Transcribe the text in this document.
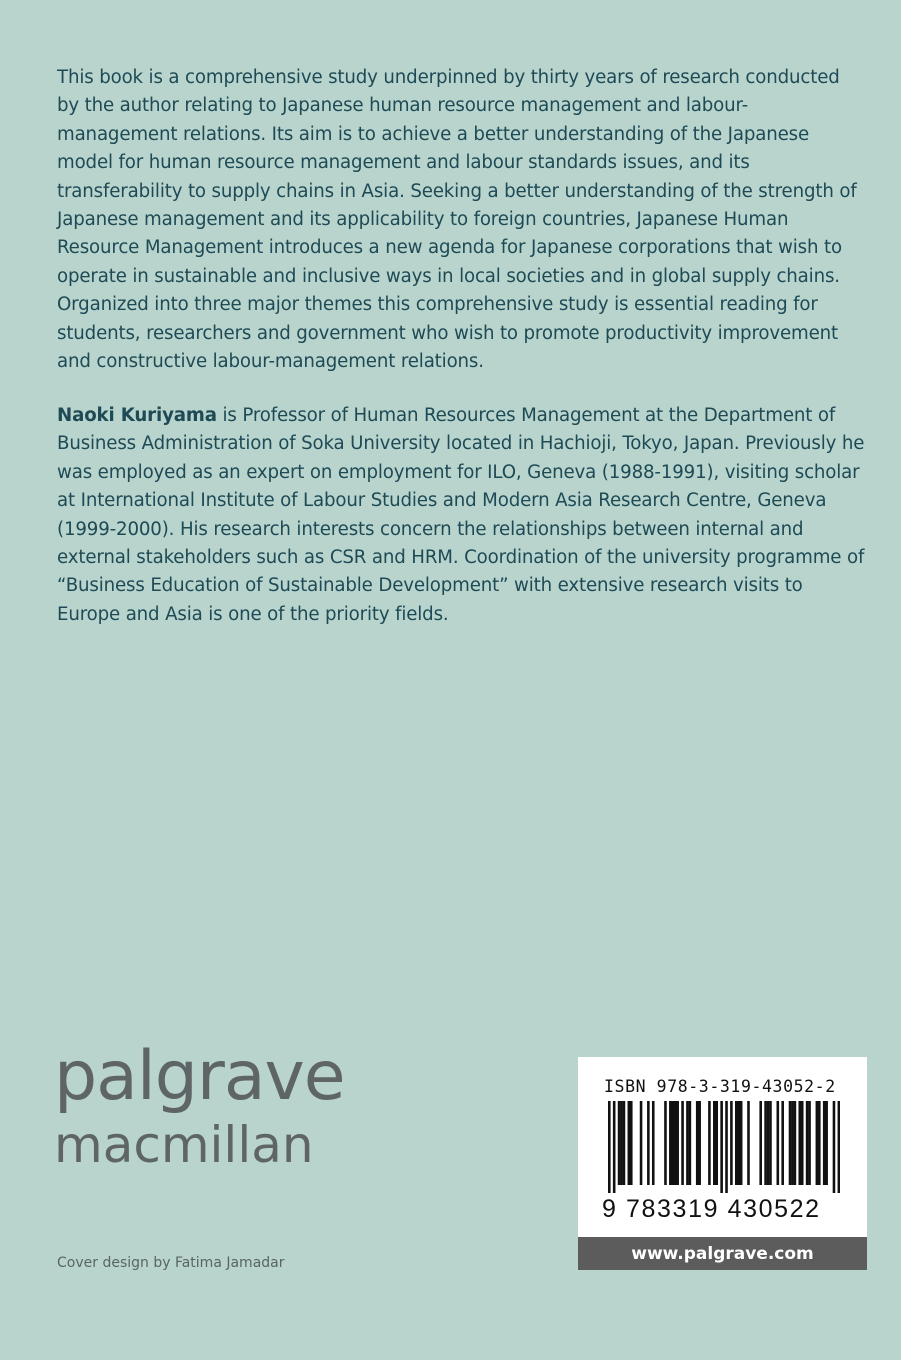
This book is a comprehensive study underpinned by thirty years of research conducted by the author relating to Japanese human resource management and labour-management relations. Its aim is to achieve a better understanding of the Japanese model for human resource management and labour standards issues, and its transferability to supply chains in Asia. Seeking a better understanding of the strength of Japanese management and its applicability to foreign countries, Japanese Human Resource Management introduces a new agenda for Japanese corporations that wish to operate in sustainable and inclusive ways in local societies and in global supply chains. Organized into three major themes this comprehensive study is essential reading for students, researchers and government who wish to promote productivity improvement and constructive labour-management relations.

Naoki Kuriyama is Professor of Human Resources Management at the Department of Business Administration of Soka University located in Hachioji, Tokyo, Japan. Previously he was employed as an expert on employment for ILO, Geneva (1988-1991), visiting scholar at International Institute of Labour Studies and Modern Asia Research Centre, Geneva (1999-2000). His research interests concern the relationships between internal and external stakeholders such as CSR and HRM. Coordination of the university programme of “Business Education of Sustainable Development” with extensive research visits to Europe and Asia is one of the priority fields.

palgrave
macmillan
Cover design by Fatima Jamadar
ISBN 978-3-319-43052-2
9 783319 430522
www.palgrave.com
